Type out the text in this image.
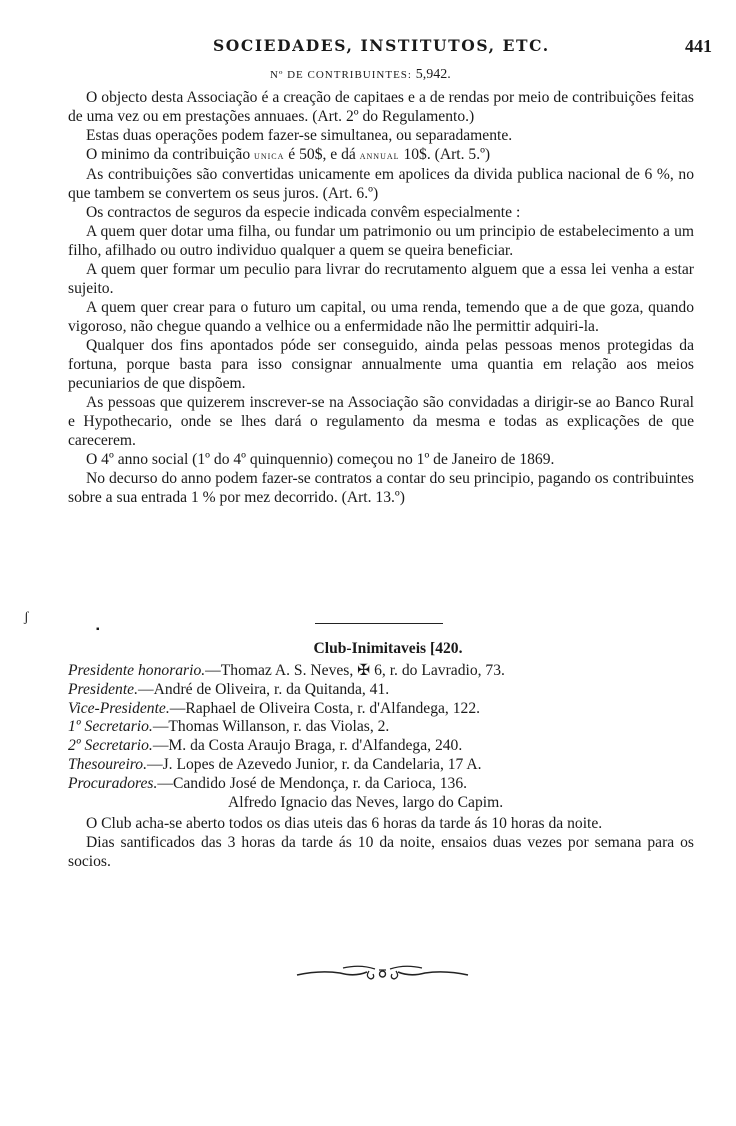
SOCIEDADES, INSTITUTOS, ETC.	441
Nº DE CONTRIBUINTES: 5,942.

O objecto desta Associação é a creação de capitaes e a de rendas por meio de contribuições feitas de uma vez ou em prestações annuaes. (Art. 2º do Regulamento.)

Estas duas operações podem fazer-se simultanea, ou separadamente.

O minimo da contribuição unica é 50$, e dá annual 10$. (Art. 5.º)

As contribuições são convertidas unicamente em apolices da divida publica nacional de 6 %, no que tambem se convertem os seus juros. (Art. 6.º)

Os contractos de seguros da especie indicada convêm especialmente :

A quem quer dotar uma filha, ou fundar um patrimonio ou um principio de estabelecimento a um filho, afilhado ou outro individuo qualquer a quem se queira beneficiar.

A quem quer formar um peculio para livrar do recrutamento alguem que a essa lei venha a estar sujeito.

A quem quer crear para o futuro um capital, ou uma renda, temendo que a de que goza, quando vigoroso, não chegue quando a velhice ou a enfermidade não lhe permittir adquiri-la.

Qualquer dos fins apontados póde ser conseguido, ainda pelas pessoas menos protegidas da fortuna, porque basta para isso consignar annualmente uma quantia em relação aos meios pecuniarios de que dispõem.

As pessoas que quizerem inscrever-se na Associação são convidadas a dirigir-se ao Banco Rural e Hypothecario, onde se lhes dará o regulamento da mesma e todas as explicações de que carecerem.

O 4º anno social (1º do 4º quinquennio) começou no 1º de Janeiro de 1869.

No decurso do anno podem fazer-se contratos a contar do seu principio, pagando os contribuintes sobre a sua entrada 1 % por mez decorrido. (Art. 13.º)

ʃ
▪
Club-Inimitaveis [420.
Presidente honorario.—Thomaz A. S. Neves, ✠ 6, r. do Lavradio, 73.
Presidente.—André de Oliveira, r. da Quitanda, 41.
Vice-Presidente.—Raphael de Oliveira Costa, r. d'Alfandega, 122.
1º Secretario.—Thomas Willanson, r. das Violas, 2.
2º Secretario.—M. da Costa Araujo Braga, r. d'Alfandega, 240.
Thesoureiro.—J. Lopes de Azevedo Junior, r. da Candelaria, 17 A.
Procuradores.—Candido José de Mendonça, r. da Carioca, 136.
Alfredo Ignacio das Neves, largo do Capim.

O Club acha-se aberto todos os dias uteis das 6 horas da tarde ás 10 horas da noite.

Dias santificados das 3 horas da tarde ás 10 da noite, ensaios duas vezes por semana para os socios.
